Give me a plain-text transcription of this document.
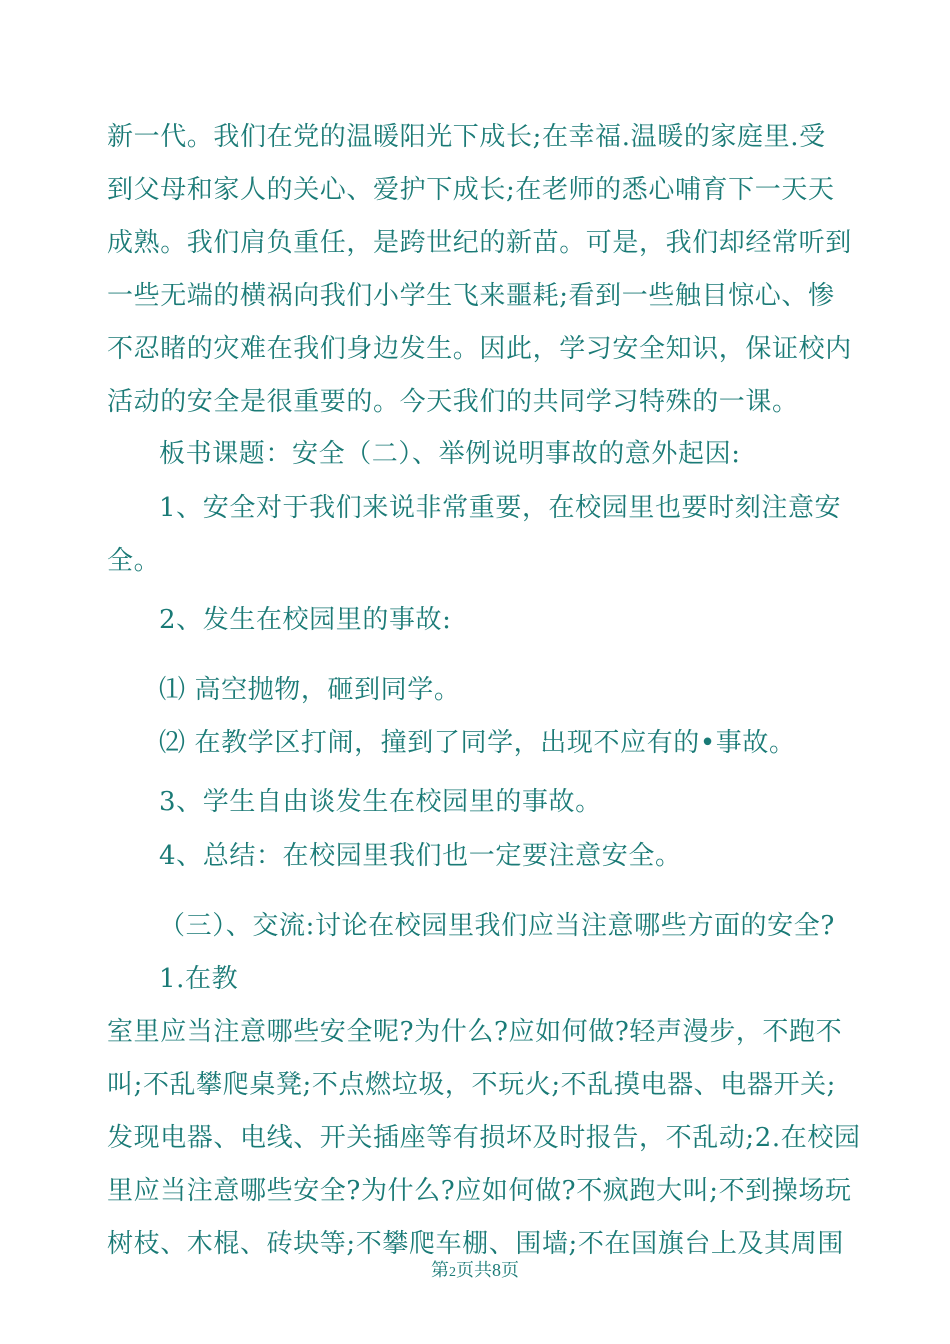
新一代。我们在党的温暖阳光下成长;在幸福.温暖的家庭里.受
到父母和家人的关心、爱护下成长;在老师的悉心哺育下一天天
成熟。我们肩负重任，是跨世纪的新苗。可是，我们却经常听到
一些无端的横祸向我们小学生飞来噩耗;看到一些触目惊心、惨
不忍睹的灾难在我们身边发生。因此，学习安全知识，保证校内
活动的安全是很重要的。今天我们的共同学习特殊的一课。
板书课题：安全（二）、举例说明事故的意外起因:
1、安全对于我们来说非常重要，在校园里也要时刻注意安
全。
2、发生在校园里的事故:
⑴ 高空抛物，砸到同学。
⑵ 在教学区打闹，撞到了同学，出现不应有的•事故。
3、学生自由谈发生在校园里的事故。
4、总结：在校园里我们也一定要注意安全。
（三）、交流:讨论在校园里我们应当注意哪些方面的安全?
1.在教
室里应当注意哪些安全呢?为什么?应如何做?轻声漫步，不跑不
叫;不乱攀爬桌凳;不点燃垃圾，不玩火;不乱摸电器、电器开关;
发现电器、电线、开关插座等有损坏及时报告，不乱动;2.在校园
里应当注意哪些安全?为什么?应如何做?不疯跑大叫;不到操场玩
树枝、木棍、砖块等;不攀爬车棚、围墙;不在国旗台上及其周围
第2页共8页
